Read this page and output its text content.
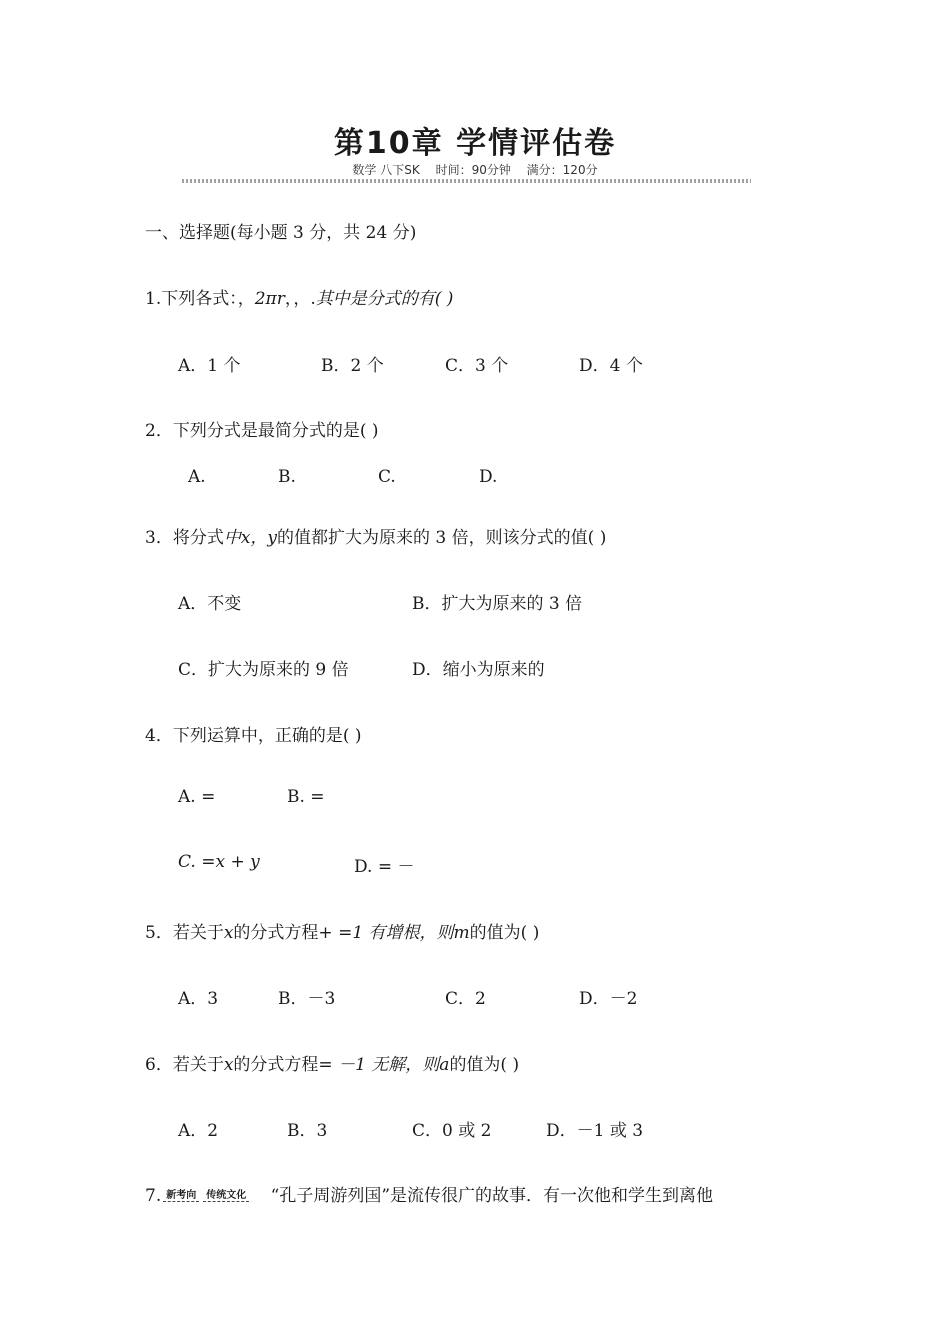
第10章 学情评估卷
数学 八下SK 时间：90分钟 满分：120分
一、选择题(每小题 3 分，共 24 分)
1.下列各式：，2πr，，.其中是分式的有( )
A．1 个	B．2 个	C．3 个	D．4 个
2．下列分式是最简分式的是( )
A.	B.	C.	D.
3．将分式中x，y的值都扩大为原来的 3 倍，则该分式的值( )
A．不变	B．扩大为原来的 3 倍
C．扩大为原来的 9 倍	D．缩小为原来的
4．下列运算中，正确的是( )
A. =	B. =
C. =x + y	D. = －
5．若关于x的分式方程+ =1 有增根，则m的值为( )
A．3	B．－3	C．2	D．－2
6．若关于x的分式方程= －1 无解，则a的值为( )
A．2	B．3	C．0 或 2	D．－1 或 3
7. 新考向 传统文化 “孔子周游列国”是流传很广的故事．有一次他和学生到离他
